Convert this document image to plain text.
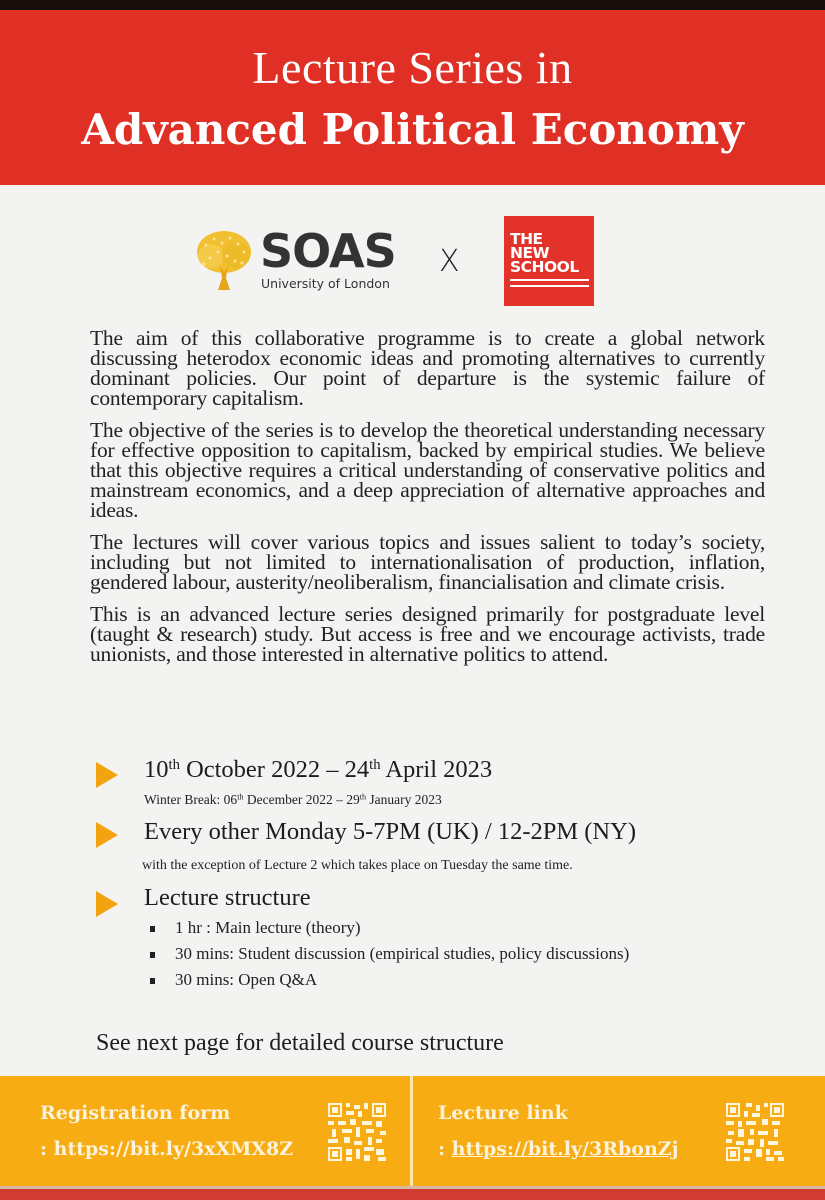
Lecture Series in
Advanced Political Economy
SOAS
University of London
X
THE
NEW
SCHOOL

The aim of this collaborative programme is to create a global network discussing heterodox economic ideas and promoting alternatives to currently dominant policies. Our point of departure is the systemic failure of contemporary capitalism.

The objective of the series is to develop the theoretical understanding necessary for effective opposition to capitalism, backed by empirical studies. We believe that this objective requires a critical understanding of conservative politics and mainstream economics, and a deep appreciation of alternative approaches and ideas.

The lectures will cover various topics and issues salient to today’s society, including but not limited to internationalisation of production, inflation, gendered labour, austerity/neoliberalism, financialisation and climate crisis.

This is an advanced lecture series designed primarily for postgraduate level (taught & research) study. But access is free and we encourage activists, trade unionists, and those interested in alternative politics to attend.

10th October 2022 – 24th April 2023
Winter Break: 06th December 2022 – 29th January 2023
Every other Monday 5-7PM (UK) / 12-2PM (NY)
with the exception of Lecture 2 which takes place on Tuesday the same time.
Lecture structure
1 hr : Main lecture (theory)
30 mins: Student discussion (empirical studies, policy discussions)
30 mins: Open Q&A
See next page for detailed course structure
Registration form
: https://bit.ly/3xXMX8Z
Lecture link
: https://bit.ly/3RbonZj
